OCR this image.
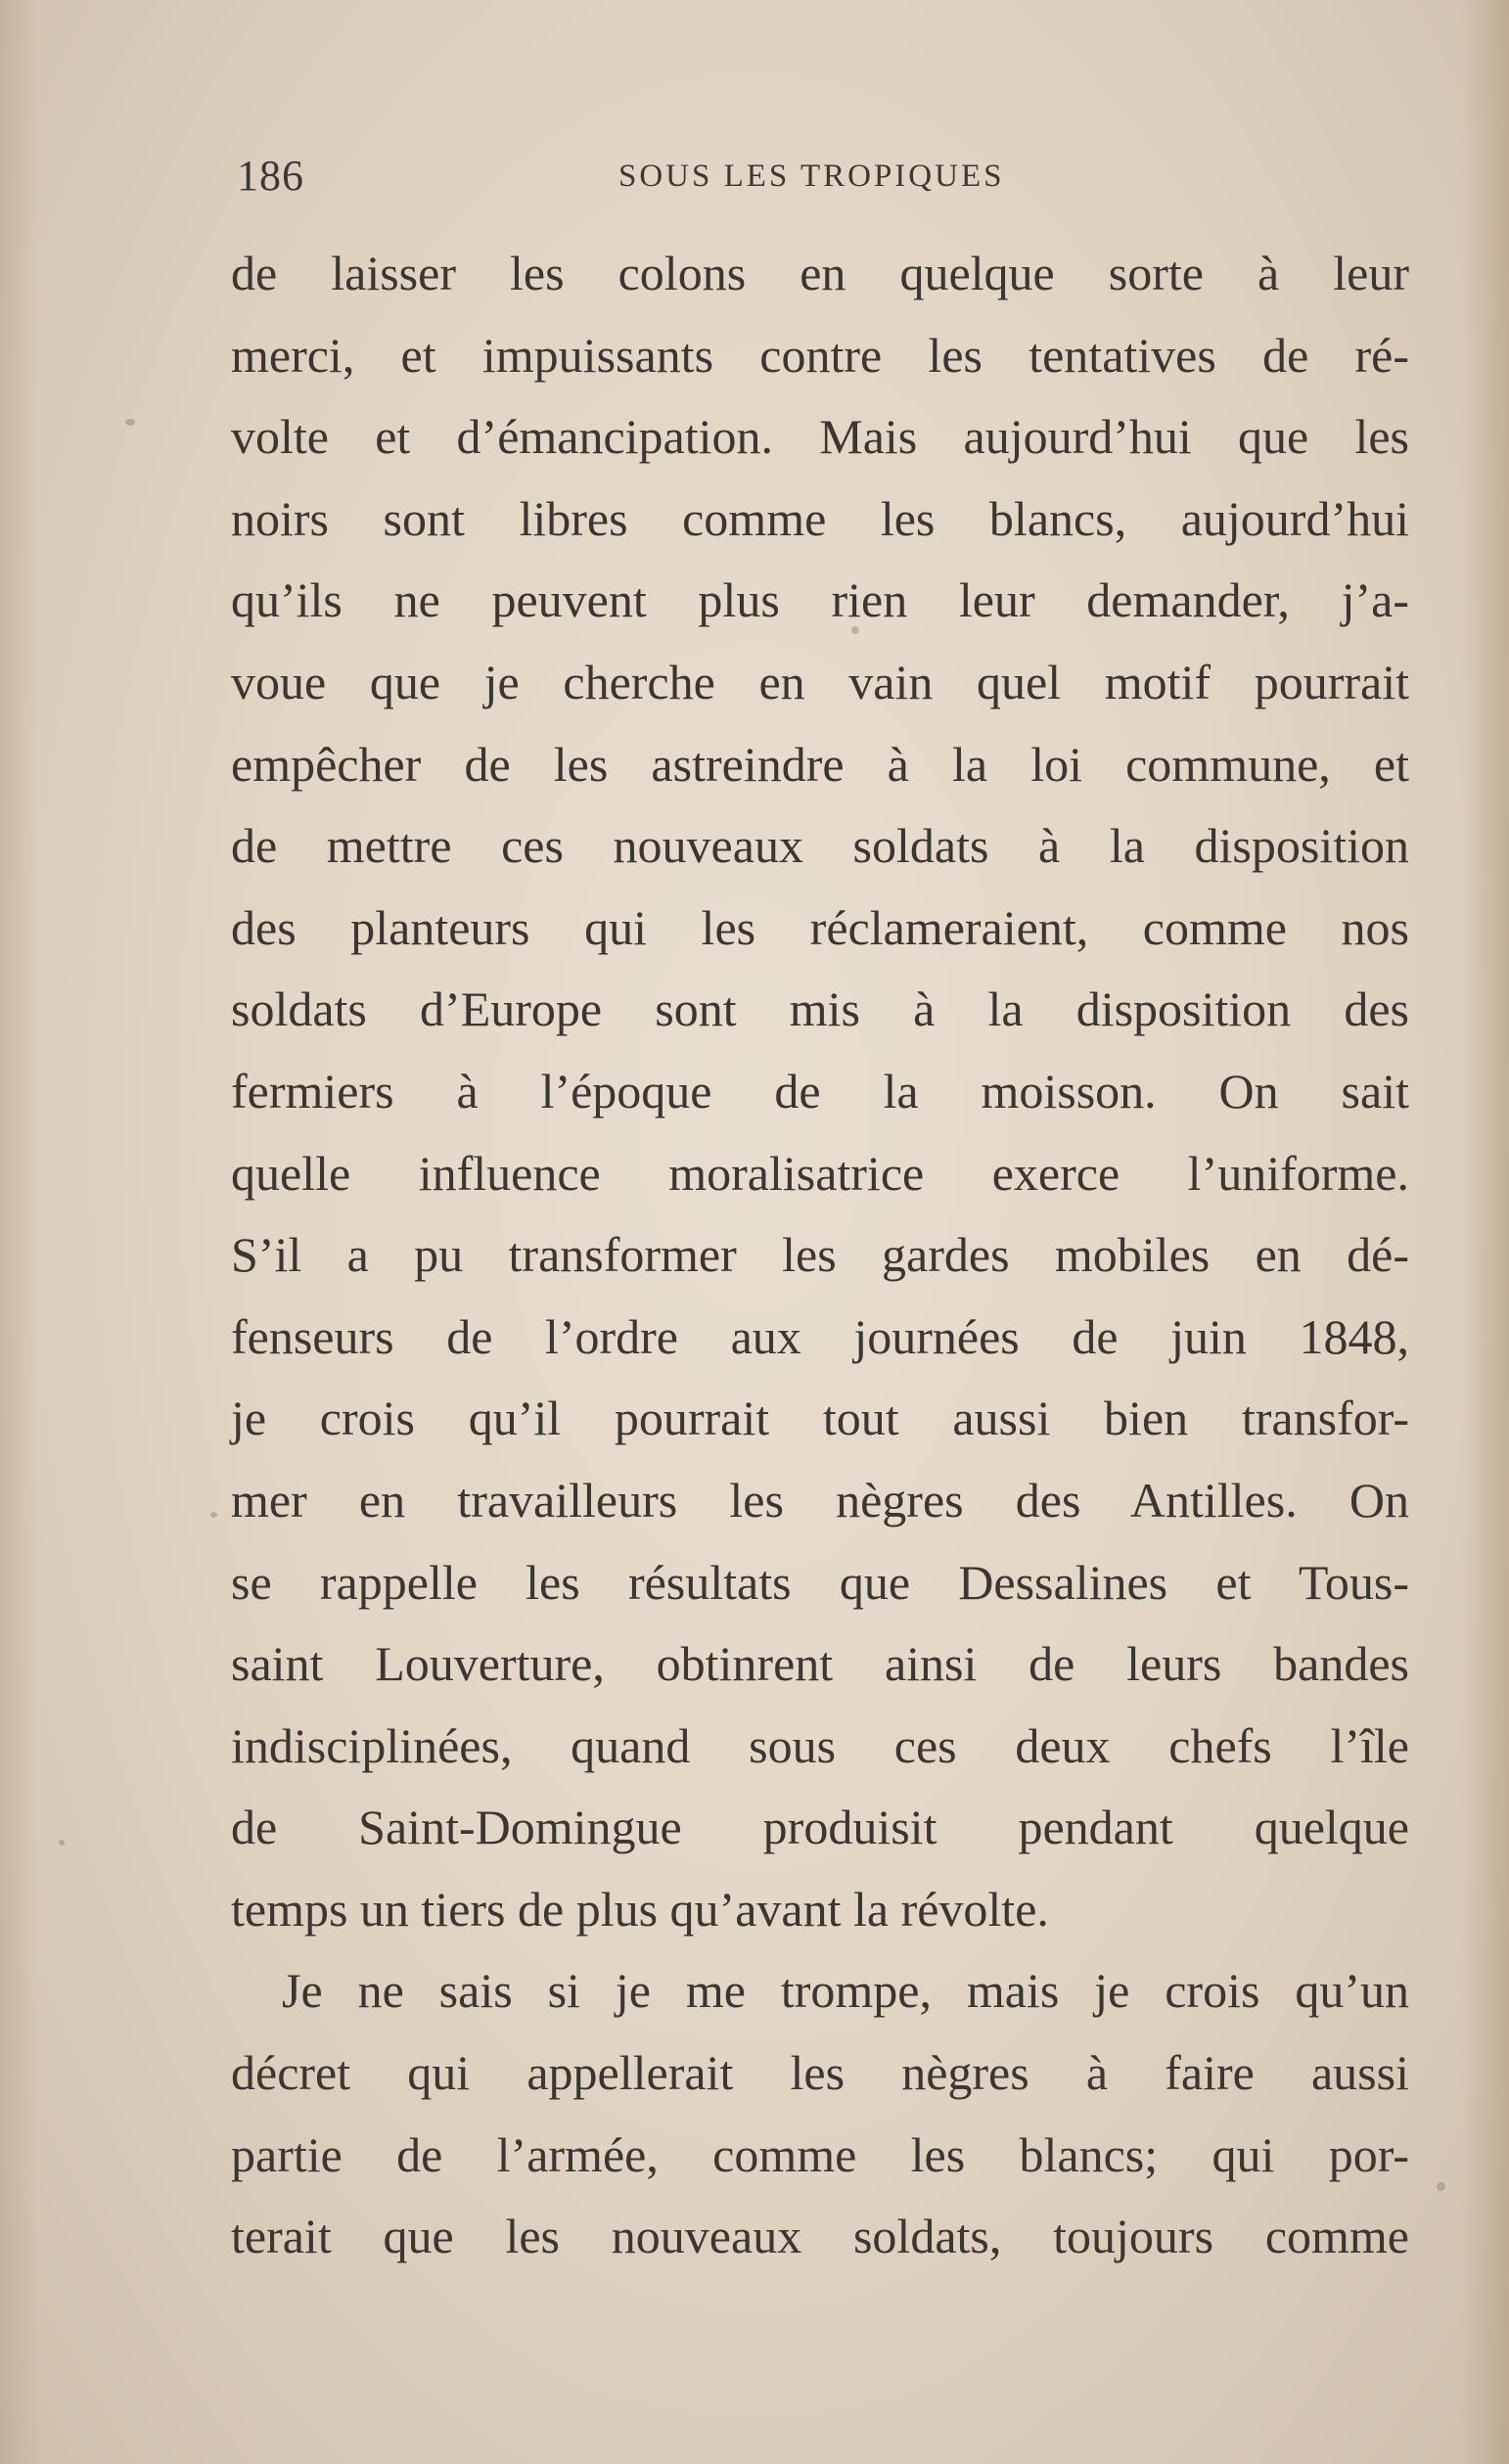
186	SOUS LES TROPIQUES
de laisser les colons en quelque sorte à leur
merci, et impuissants contre les tentatives de ré-
volte et d’émancipation. Mais aujourd’hui que les
noirs sont libres comme les blancs, aujourd’hui
qu’ils ne peuvent plus rien leur demander, j’a-
voue que je cherche en vain quel motif pourrait
empêcher de les astreindre à la loi commune, et
de mettre ces nouveaux soldats à la disposition
des planteurs qui les réclameraient, comme nos
soldats d’Europe sont mis à la disposition des
fermiers à l’époque de la moisson. On sait
quelle influence moralisatrice exerce l’uniforme.
S’il a pu transformer les gardes mobiles en dé-
fenseurs de l’ordre aux journées de juin 1848,
je crois qu’il pourrait tout aussi bien transfor-
mer en travailleurs les nègres des Antilles. On
se rappelle les résultats que Dessalines et Tous-
saint Louverture, obtinrent ainsi de leurs bandes
indisciplinées, quand sous ces deux chefs l’île
de Saint-Domingue produisit pendant quelque
temps un tiers de plus qu’avant la révolte.
Je ne sais si je me trompe, mais je crois qu’un
décret qui appellerait les nègres à faire aussi
partie de l’armée, comme les blancs; qui por-
terait que les nouveaux soldats, toujours comme
